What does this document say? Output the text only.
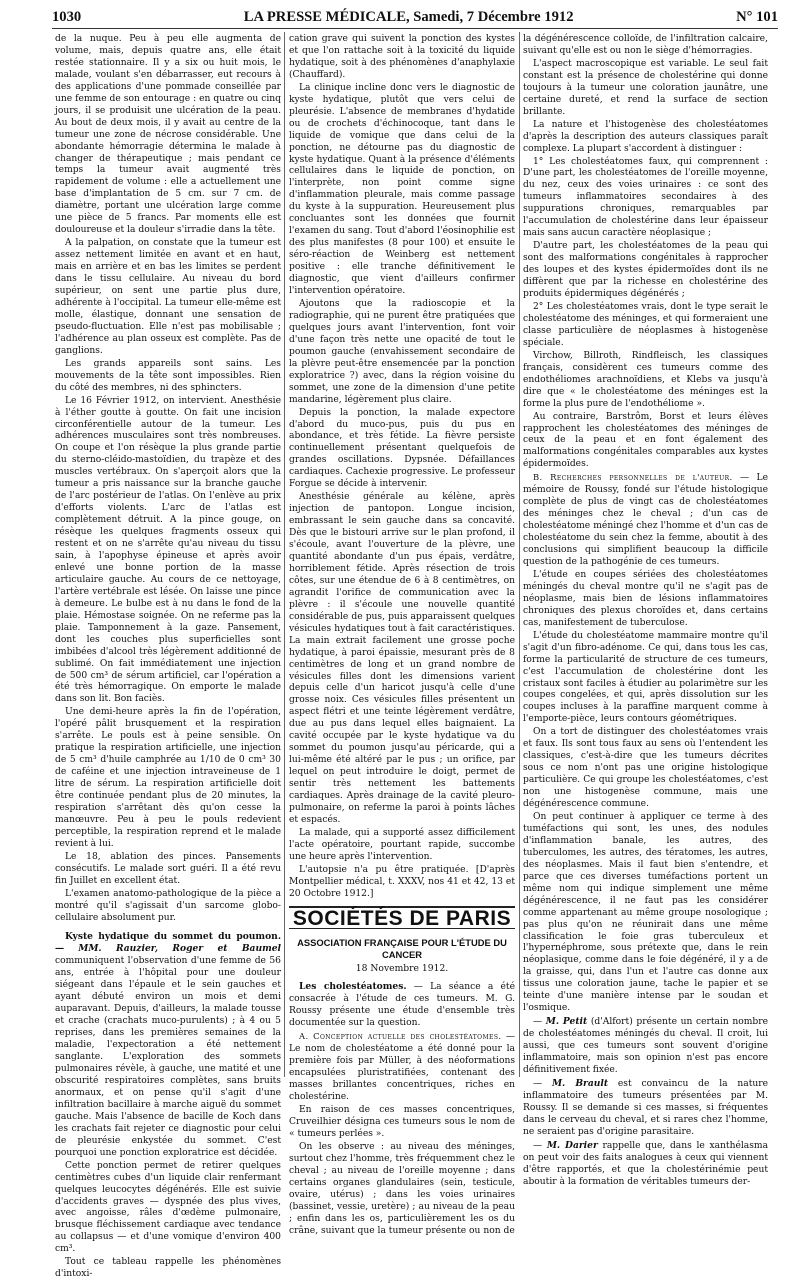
1030	LA PRESSE MÉDICALE, Samedi, 7 Décembre 1912	N° 101

de la nuque. Peu à peu elle augmenta de volume, mais, depuis quatre ans, elle était restée stationnaire. Il y a six ou huit mois, le malade, voulant s'en débarrasser, eut recours à des applications d'une pommade conseillée par une femme de son entourage : en quatre ou cinq jours, il se produisit une ulcération de la peau. Au bout de deux mois, il y avait au centre de la tumeur une zone de nécrose considérable. Une abondante hémorragie détermina le malade à changer de thérapeutique ; mais pendant ce temps la tumeur avait augmenté très rapidement de volume : elle a actuellement une base d'implantation de 5 cm. sur 7 cm. de diamètre, portant une ulcération large comme une pièce de 5 francs. Par moments elle est douloureuse et la douleur s'irradie dans la tête.

A la palpation, on constate que la tumeur est assez nettement limitée en avant et en haut, mais en arrière et en bas les limites se perdent dans le tissu cellulaire. Au niveau du bord supérieur, on sent une partie plus dure, adhérente à l'occipital. La tumeur elle-même est molle, élastique, donnant une sensation de pseudo-fluctuation. Elle n'est pas mobilisable ; l'adhérence au plan osseux est complète. Pas de ganglions.

Les grands appareils sont sains. Les mouvements de la tête sont impossibles. Rien du côté des membres, ni des sphincters.

Le 16 Février 1912, on intervient. Anesthésie à l'éther goutte à goutte. On fait une incision circonférentielle autour de la tumeur. Les adhérences musculaires sont très nombreuses. On coupe et l'on résèque la plus grande partie du sterno-cléido-mastoïdien, du trapèze et des muscles vertébraux. On s'aperçoit alors que la tumeur a pris naissance sur la branche gauche de l'arc postérieur de l'atlas. On l'enlève au prix d'efforts violents. L'arc de l'atlas est complètement détruit. A la pince gouge, on résèque les quelques fragments osseux qui restent et on ne s'arrête qu'au niveau du tissu sain, à l'apophyse épineuse et après avoir enlevé une bonne portion de la masse articulaire gauche. Au cours de ce nettoyage, l'artère vertébrale est lésée. On laisse une pince à demeure. Le bulbe est à nu dans le fond de la plaie. Hémostase soignée. On ne referme pas la plaie. Tamponnement à la gaze. Pansement, dont les couches plus superficielles sont imbibées d'alcool très légèrement additionné de sublimé. On fait immédiatement une injection de 500 cm³ de sérum artificiel, car l'opération a été très hémorragique. On emporte le malade dans son lit. Bon faciès.

Une demi-heure après la fin de l'opération, l'opéré pâlit brusquement et la respiration s'arrête. Le pouls est à peine sensible. On pratique la respiration artificielle, une injection de 5 cm³ d'huile camphrée au 1/10 de 0 cm³ 30 de caféine et une injection intraveineuse de 1 litre de sérum. La respiration artificielle doit être continuée pendant plus de 20 minutes, la respiration s'arrêtant dès qu'on cesse la manœuvre. Peu à peu le pouls redevient perceptible, la respiration reprend et le malade revient à lui.

Le 18, ablation des pinces. Pansements consécutifs. Le malade sort guéri. Il a été revu fin Juillet en excellent état.

L'examen anatomo-pathologique de la pièce a montré qu'il s'agissait d'un sarcome globo-cellulaire absolument pur.

Kyste hydatique du sommet du poumon. — MM. Rauzier, Roger et Baumel communiquent l'observation d'une femme de 56 ans, entrée à l'hôpital pour une douleur siégeant dans l'épaule et le sein gauches et ayant débuté environ un mois et demi auparavant. Depuis, d'ailleurs, la malade tousse et crache (crachats muco-purulents) ; à 4 ou 5 reprises, dans les premières semaines de la maladie, l'expectoration a été nettement sanglante. L'exploration des sommets pulmonaires révèle, à gauche, une matité et une obscurité respiratoires complètes, sans bruits anormaux, et on pense qu'il s'agit d'une infiltration bacillaire à marche aiguë du sommet gauche. Mais l'absence de bacille de Koch dans les crachats fait rejeter ce diagnostic pour celui de pleurésie enkystée du sommet. C'est pourquoi une ponction exploratrice est décidée.

Cette ponction permet de retirer quelques centimètres cubes d'un liquide clair renfermant quelques leucocytes dégénérés. Elle est suivie d'accidents graves — dyspnée des plus vives, avec angoisse, râles d'œdème pulmonaire, brusque fléchissement cardiaque avec tendance au collapsus — et d'une vomique d'environ 400 cm³.

Tout ce tableau rappelle les phénomènes d'intoxi-

cation grave qui suivent la ponction des kystes et que l'on rattache soit à la toxicité du liquide hydatique, soit à des phénomènes d'anaphylaxie (Chauffard).

La clinique incline donc vers le diagnostic de kyste hydatique, plutôt que vers celui de pleurésie. L'absence de membranes d'hydatide ou de crochets d'échinocoque, tant dans le liquide de vomique que dans celui de la ponction, ne détourne pas du diagnostic de kyste hydatique. Quant à la présence d'éléments cellulaires dans le liquide de ponction, on l'interprète, non point comme signe d'inflammation pleurale, mais comme passage du kyste à la suppuration. Heureusement plus concluantes sont les données que fournit l'examen du sang. Tout d'abord l'éosinophilie est des plus manifestes (8 pour 100) et ensuite le séro-réaction de Weinberg est nettement positive : elle tranche définitivement le diagnostic, que vient d'ailleurs confirmer l'intervention opératoire.

Ajoutons que la radioscopie et la radiographie, qui ne purent être pratiquées que quelques jours avant l'intervention, font voir d'une façon très nette une opacité de tout le poumon gauche (envahissement secondaire de la plèvre peut-être ensemencée par la ponction exploratrice ?) avec, dans la région voisine du sommet, une zone de la dimension d'une petite mandarine, légèrement plus claire.

Depuis la ponction, la malade expectore d'abord du muco-pus, puis du pus en abondance, et très fétide. La fièvre persiste continuellement présentant quelquefois de grandes oscillations. Dypsnée. Défaillances cardiaques. Cachexie progressive. Le professeur Forgue se décide à intervenir.

Anesthésie générale au kélène, après injection de pantopon. Longue incision, embrassant le sein gauche dans sa concavité. Dès que le bistouri arrive sur le plan profond, il s'écoule, avant l'ouverture de la plèvre, une quantité abondante d'un pus épais, verdâtre, horriblement fétide. Après résection de trois côtes, sur une étendue de 6 à 8 centimètres, on agrandit l'orifice de communication avec la plèvre : il s'écoule une nouvelle quantité considérable de pus, puis apparaissent quelques vésicules hydatiques tout à fait caractéristiques. La main extrait facilement une grosse poche hydatique, à paroi épaissie, mesurant près de 8 centimètres de long et un grand nombre de vésicules filles dont les dimensions varient depuis celle d'un haricot jusqu'à celle d'une grosse noix. Ces vésicules filles présentent un aspect flétri et une teinte légèrement verdâtre, due au pus dans lequel elles baignaient. La cavité occupée par le kyste hydatique va du sommet du poumon jusqu'au péricarde, qui a lui-même été altéré par le pus ; un orifice, par lequel on peut introduire le doigt, permet de sentir très nettement les battements cardiaques. Après drainage de la cavité pleuro-pulmonaire, on referme la paroi à points lâches et espacés.

La malade, qui a supporté assez difficilement l'acte opératoire, pourtant rapide, succombe une heure après l'intervention.

L'autopsie n'a pu être pratiquée. [D'après Montpellier médical, t. XXXV, nos 41 et 42, 13 et 20 Octobre 1912.]

SOCIÉTÉS DE PARIS
ASSOCIATION FRANÇAISE POUR L'ÉTUDE DU CANCER
18 Novembre 1912.

Les cholestéatomes. — La séance a été consacrée à l'étude de ces tumeurs. M. G. Roussy présente une étude d'ensemble très documentée sur la question.

A. Conception actuelle des cholestéatomes. — Le nom de cholestéatome a été donné pour la première fois par Müller, à des néoformations encapsulées pluristratifiées, contenant des masses brillantes concentriques, riches en cholestérine.

En raison de ces masses concentriques, Cruveilhier désigna ces tumeurs sous le nom de « tumeurs perlées ».

On les observe : au niveau des méninges, surtout chez l'homme, très fréquemment chez le cheval ; au niveau de l'oreille moyenne ; dans certains organes glandulaires (sein, testicule, ovaire, utérus) ; dans les voies urinaires (bassinet, vessie, uretère) ; au niveau de la peau ; enfin dans les os, particulièrement les os du crâne, suivant que la tumeur présente ou non de

la dégénérescence colloïde, de l'infiltration calcaire, suivant qu'elle est ou non le siège d'hémorragies.

L'aspect macroscopique est variable. Le seul fait constant est la présence de cholestérine qui donne toujours à la tumeur une coloration jaunâtre, une certaine dureté, et rend la surface de section brillante.

La nature et l'histogenèse des cholestéatomes d'après la description des auteurs classiques paraît complexe. La plupart s'accordent à distinguer :

1° Les cholestéatomes faux, qui comprennent : D'une part, les cholestéatomes de l'oreille moyenne, du nez, ceux des voies urinaires : ce sont des tumeurs inflammatoires secondaires à des suppurations chroniques, remarquables par l'accumulation de cholestérine dans leur épaisseur mais sans aucun caractère néoplasique ;

D'autre part, les cholestéatomes de la peau qui sont des malformations congénitales à rapprocher des loupes et des kystes épidermoïdes dont ils ne diffèrent que par la richesse en cholestérine des produits épidermiques dégénérés ;

2° Les cholestéatomes vrais, dont le type serait le cholestéatome des méninges, et qui formeraient une classe particulière de néoplasmes à histogenèse spéciale.

Virchow, Billroth, Rindfleisch, les classiques français, considèrent ces tumeurs comme des endothéliomes arachnoïdiens, et Klebs va jusqu'à dire que « le cholestéatome des méninges est la forme la plus pure de l'endothéliome ».

Au contraire, Barstrôm, Borst et leurs élèves rapprochent les cholestéatomes des méninges de ceux de la peau et en font également des malformations congénitales comparables aux kystes épidermoïdes.

B. Recherches personnelles de l'auteur. — Le mémoire de Roussy, fondé sur l'étude histologique complète de plus de vingt cas de cholestéatomes des méninges chez le cheval ; d'un cas de cholestéatome méningé chez l'homme et d'un cas de cholestéatome du sein chez la femme, aboutit à des conclusions qui simplifient beaucoup la difficile question de la pathogénie de ces tumeurs.

L'étude en coupes sériées des cholestéatomes méningés du cheval montre qu'il ne s'agit pas de néoplasme, mais bien de lésions inflammatoires chroniques des plexus choroïdes et, dans certains cas, manifestement de tuberculose.

L'étude du cholestéatome mammaire montre qu'il s'agit d'un fibro-adénome. Ce qui, dans tous les cas, forme la particularité de structure de ces tumeurs, c'est l'accumulation de cholestérine dont les cristaux sont faciles à étudier au polarimètre sur les coupes congelées, et qui, après dissolution sur les coupes incluses à la paraffine marquent comme à l'emporte-pièce, leurs contours géométriques.

On a tort de distinguer des cholestéatomes vrais et faux. Ils sont tous faux au sens où l'entendent les classiques, c'est-à-dire que les tumeurs décrites sous ce nom n'ont pas une origine histologique particulière. Ce qui groupe les cholestéatomes, c'est non une histogenèse commune, mais une dégénérescence commune.

On peut continuer à appliquer ce terme à des tuméfactions qui sont, les unes, des nodules d'inflammation banale, les autres, des tuberculomes, les autres, des tératomes, les autres, des néoplasmes. Mais il faut bien s'entendre, et parce que ces diverses tuméfactions portent un même nom qui indique simplement une même dégénérescence, il ne faut pas les considérer comme appartenant au même groupe nosologique ; pas plus qu'on ne réunirait dans une même classification le foie gras tuberculeux et l'hypernéphrome, sous prétexte que, dans le rein néoplasique, comme dans le foie dégénéré, il y a de la graisse, qui, dans l'un et l'autre cas donne aux tissus une coloration jaune, tache le papier et se teinte d'une manière intense par le soudan et l'osmique.

— M. Petit (d'Alfort) présente un certain nombre de cholestéatomes méningés du cheval. Il croit, lui aussi, que ces tumeurs sont souvent d'origine inflammatoire, mais son opinion n'est pas encore définitivement fixée.

— M. Brault est convaincu de la nature inflammatoire des tumeurs présentées par M. Roussy. Il se demande si ces masses, si fréquentes dans le cerveau du cheval, et si rares chez l'homme, ne seraient pas d'origine parasitaire.

— M. Darier rappelle que, dans le xanthélasma on peut voir des faits analogues à ceux qui viennent d'être rapportés, et que la cholestérinémie peut aboutir à la formation de véritables tumeurs der-
